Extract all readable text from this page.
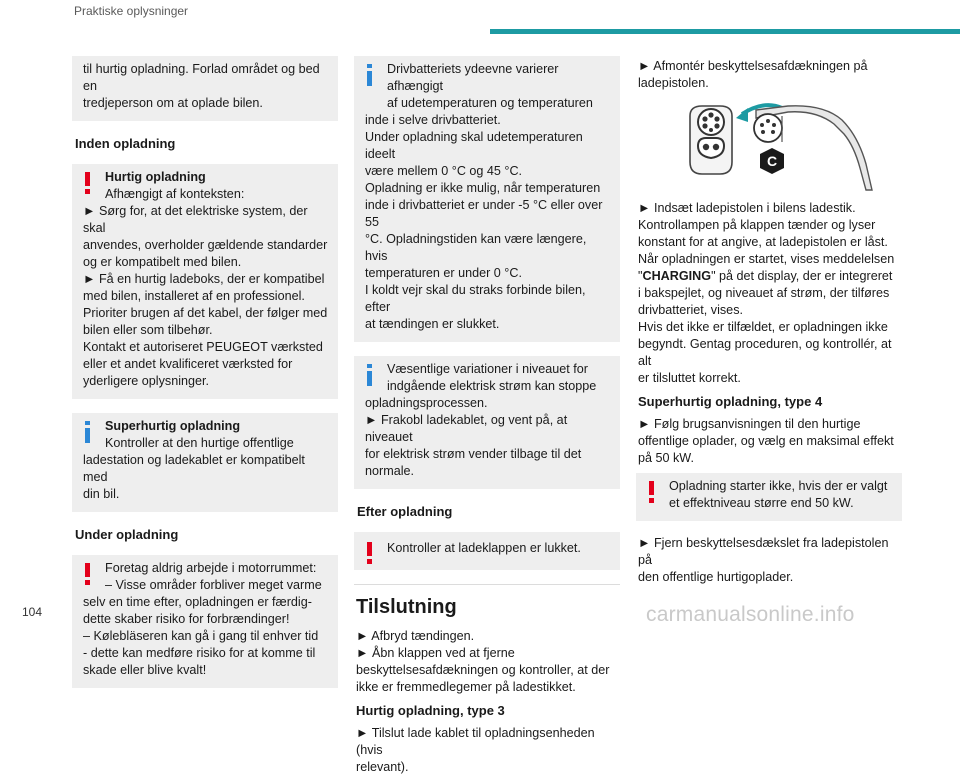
Praktiske oplysninger
til hurtig opladning. Forlad området og bed en
tredjeperson om at oplade bilen.
Inden opladning
Hurtig opladning
Afhængigt af konteksten:
► Sørg for, at det elektriske system, der skal
anvendes, overholder gældende standarder
og er kompatibelt med bilen.
► Få en hurtig ladeboks, der er kompatibel
med bilen, installeret af en professionel.
Prioriter brugen af det kabel, der følger med
bilen eller som tilbehør.
Kontakt et autoriseret PEUGEOT værksted
eller et andet kvalificeret værksted for
yderligere oplysninger.
Superhurtig opladning
Kontroller at den hurtige offentlige
ladestation og ladekablet er kompatibelt med
din bil.
Under opladning
Foretag aldrig arbejde i motorrummet:
– Visse områder forbliver meget varme
selv en time efter, opladningen er færdig-
dette skaber risiko for forbrændinger!
– Kølebläseren kan gå i gang til enhver tid
- dette kan medføre risiko for at komme til
skade eller blive kvalt!
Drivbatteriets ydeevne varierer afhængigt
af udetemperaturen og temperaturen
inde i selve drivbatteriet.
Under opladning skal udetemperaturen ideelt
være mellem 0 °C og 45 °C.
Opladning er ikke mulig, når temperaturen
inde i drivbatteriet er under -5 °C eller over 55
°C. Opladningstiden kan være længere, hvis
temperaturen er under 0 °C.
I koldt vejr skal du straks forbinde bilen, efter
at tændingen er slukket.
Væsentlige variationer i niveauet for
indgående elektrisk strøm kan stoppe
opladningsprocessen.
► Frakobl ladekablet, og vent på, at niveauet
for elektrisk strøm vender tilbage til det
normale.
Efter opladning
Kontroller at ladeklappen er lukket.
Tilslutning
► Afbryd tændingen.
► Åbn klappen ved at fjerne
beskyttelsesafdækningen og kontroller, at der
ikke er fremmedlegemer på ladestikket.
Hurtig opladning, type 3
► Tilslut lade kablet til opladningsenheden (hvis
relevant).
► Afmontér beskyttelsesafdækningen på
ladepistolen.
C
► Indsæt ladepistolen i bilens ladestik.
Kontrollampen på klappen tænder og lyser
konstant for at angive, at ladepistolen er låst.
Når opladningen er startet, vises meddelelsen
"CHARGING" på det display, der er integreret
i bakspejlet, og niveauet af strøm, der tilføres
drivbatteriet, vises.
Hvis det ikke er tilfældet, er opladningen ikke
begyndt. Gentag proceduren, og kontrollér, at alt
er tilsluttet korrekt.
Superhurtig opladning, type 4
► Følg brugsanvisningen til den hurtige
offentlige oplader, og vælg en maksimal effekt
på 50 kW.
Opladning starter ikke, hvis der er valgt
et effektniveau større end 50 kW.
► Fjern beskyttelsesdækslet fra ladepistolen på
den offentlige hurtigoplader.
104	carmanualsonline.info
